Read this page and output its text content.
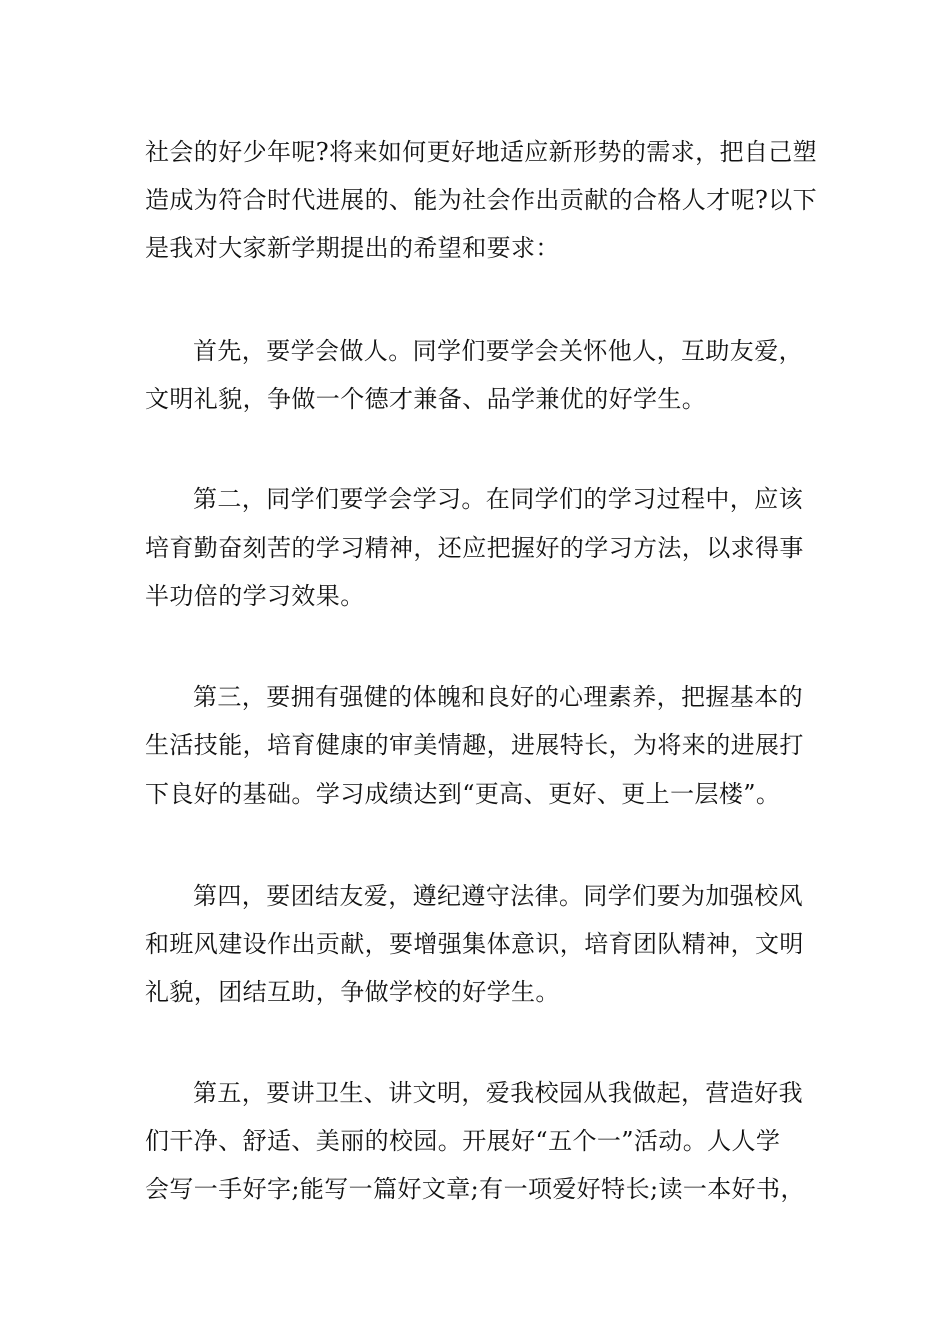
社会的好少年呢?将来如何更好地适应新形势的需求，把自己塑
造成为符合时代进展的、能为社会作出贡献的合格人才呢?以下
是我对大家新学期提出的希望和要求：
首先，要学会做人。同学们要学会关怀他人，互助友爱，
文明礼貌，争做一个德才兼备、品学兼优的好学生。
第二，同学们要学会学习。在同学们的学习过程中，应该
培育勤奋刻苦的学习精神，还应把握好的学习方法，以求得事
半功倍的学习效果。
第三，要拥有强健的体魄和良好的心理素养，把握基本的
生活技能，培育健康的审美情趣，进展特长，为将来的进展打
下良好的基础。学习成绩达到“更高、更好、更上一层楼”。
第四，要团结友爱，遵纪遵守法律。同学们要为加强校风
和班风建设作出贡献，要增强集体意识，培育团队精神，文明
礼貌，团结互助，争做学校的好学生。
第五，要讲卫生、讲文明，爱我校园从我做起，营造好我
们干净、舒适、美丽的校园。开展好“五个一”活动。人人学
会写一手好字;能写一篇好文章;有一项爱好特长;读一本好书，
